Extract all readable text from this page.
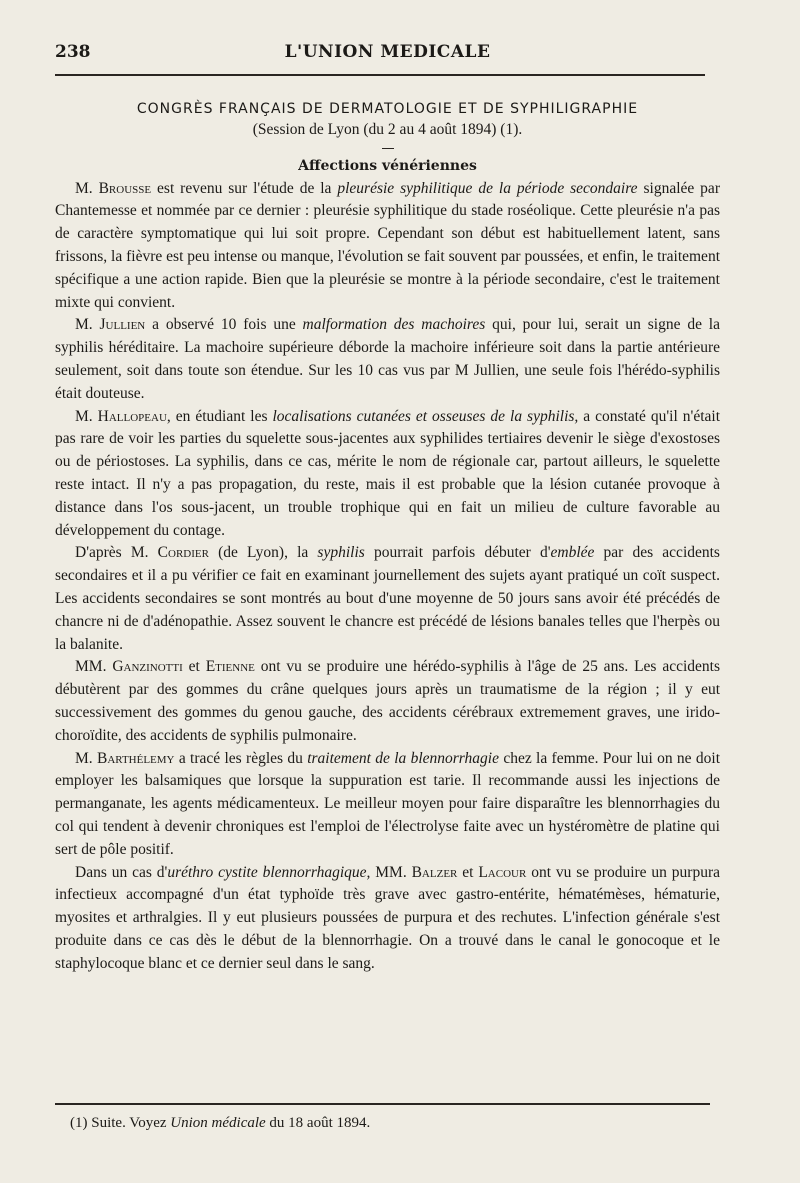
238	L'UNION MEDICALE

CONGRÈS FRANÇAIS DE DERMATOLOGIE ET DE SYPHILIGRAPHIE

(Session de Lyon (du 2 au 4 août 1894) (1).

Affections vénériennes

M. Brousse est revenu sur l'étude de la pleurésie syphilitique de la période secondaire signalée par Chantemesse et nommée par ce dernier : pleurésie syphilitique du stade roséolique. Cette pleurésie n'a pas de caractère symptomatique qui lui soit propre. Cependant son début est habituellement latent, sans frissons, la fièvre est peu intense ou manque, l'évolution se fait souvent par poussées, et enfin, le traitement spécifique a une action rapide. Bien que la pleurésie se montre à la période secondaire, c'est le traitement mixte qui convient.

M. Jullien a observé 10 fois une malformation des machoires qui, pour lui, serait un signe de la syphilis héréditaire. La machoire supérieure déborde la machoire inférieure soit dans la partie antérieure seulement, soit dans toute son étendue. Sur les 10 cas vus par M Jullien, une seule fois l'hérédo-syphilis était douteuse.

M. Hallopeau, en étudiant les localisations cutanées et osseuses de la syphilis, a constaté qu'il n'était pas rare de voir les parties du squelette sous-jacentes aux syphilides tertiaires devenir le siège d'exostoses ou de périostoses. La syphilis, dans ce cas, mérite le nom de régionale car, partout ailleurs, le squelette reste intact. Il n'y a pas propagation, du reste, mais il est probable que la lésion cutanée provoque à distance dans l'os sous-jacent, un trouble trophique qui en fait un milieu de culture favorable au développement du contage.

D'après M. Cordier (de Lyon), la syphilis pourrait parfois débuter d'emblée par des accidents secondaires et il a pu vérifier ce fait en examinant journellement des sujets ayant pratiqué un coït suspect. Les accidents secondaires se sont montrés au bout d'une moyenne de 50 jours sans avoir été précédés de chancre ni de d'adénopathie. Assez souvent le chancre est précédé de lésions banales telles que l'herpès ou la balanite.

MM. Ganzinotti et Etienne ont vu se produire une hérédo-syphilis à l'âge de 25 ans. Les accidents débutèrent par des gommes du crâne quelques jours après un traumatisme de la région ; il y eut successivement des gommes du genou gauche, des accidents cérébraux extremement graves, une irido-choroïdite, des accidents de syphilis pulmonaire.

M. Barthélemy a tracé les règles du traitement de la blennorrhagie chez la femme. Pour lui on ne doit employer les balsamiques que lorsque la suppuration est tarie. Il recommande aussi les injections de permanganate, les agents médicamenteux. Le meilleur moyen pour faire disparaître les blennorrhagies du col qui tendent à devenir chroniques est l'emploi de l'électrolyse faite avec un hystéromètre de platine qui sert de pôle positif.

Dans un cas d'uréthro cystite blennorrhagique, MM. Balzer et Lacour ont vu se produire un purpura infectieux accompagné d'un état typhoïde très grave avec gastro-entérite, hématémèses, hématurie, myosites et arthralgies. Il y eut plusieurs poussées de purpura et des rechutes. L'infection générale s'est produite dans ce cas dès le début de la blennorrhagie. On a trouvé dans le canal le gonocoque et le staphylocoque blanc et ce dernier seul dans le sang.

(1) Suite. Voyez Union médicale du 18 août 1894.
